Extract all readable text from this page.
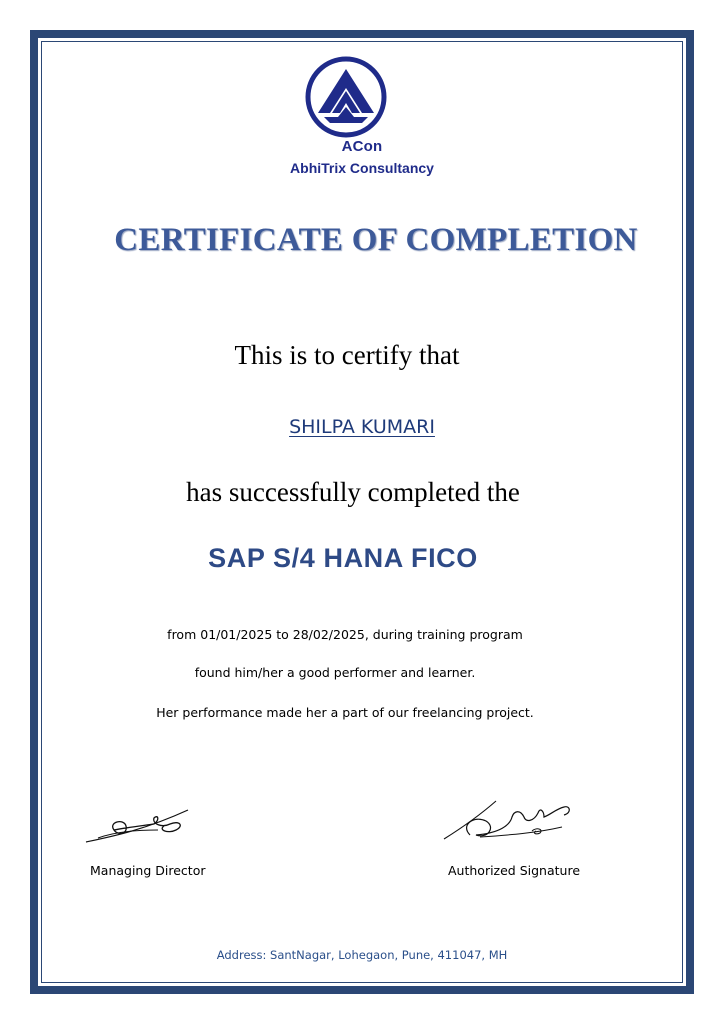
ACon
AbhiTrix Consultancy
CERTIFICATE OF COMPLETION
This is to certify that
SHILPA KUMARI
has successfully completed the
SAP S/4 HANA FICO
from 01/01/2025 to 28/02/2025, during training program
found him/her a good performer and learner.
Her performance made her a part of our freelancing project.
Managing Director	Authorized Signature
Address: SantNagar, Lohegaon, Pune, 411047, MH
